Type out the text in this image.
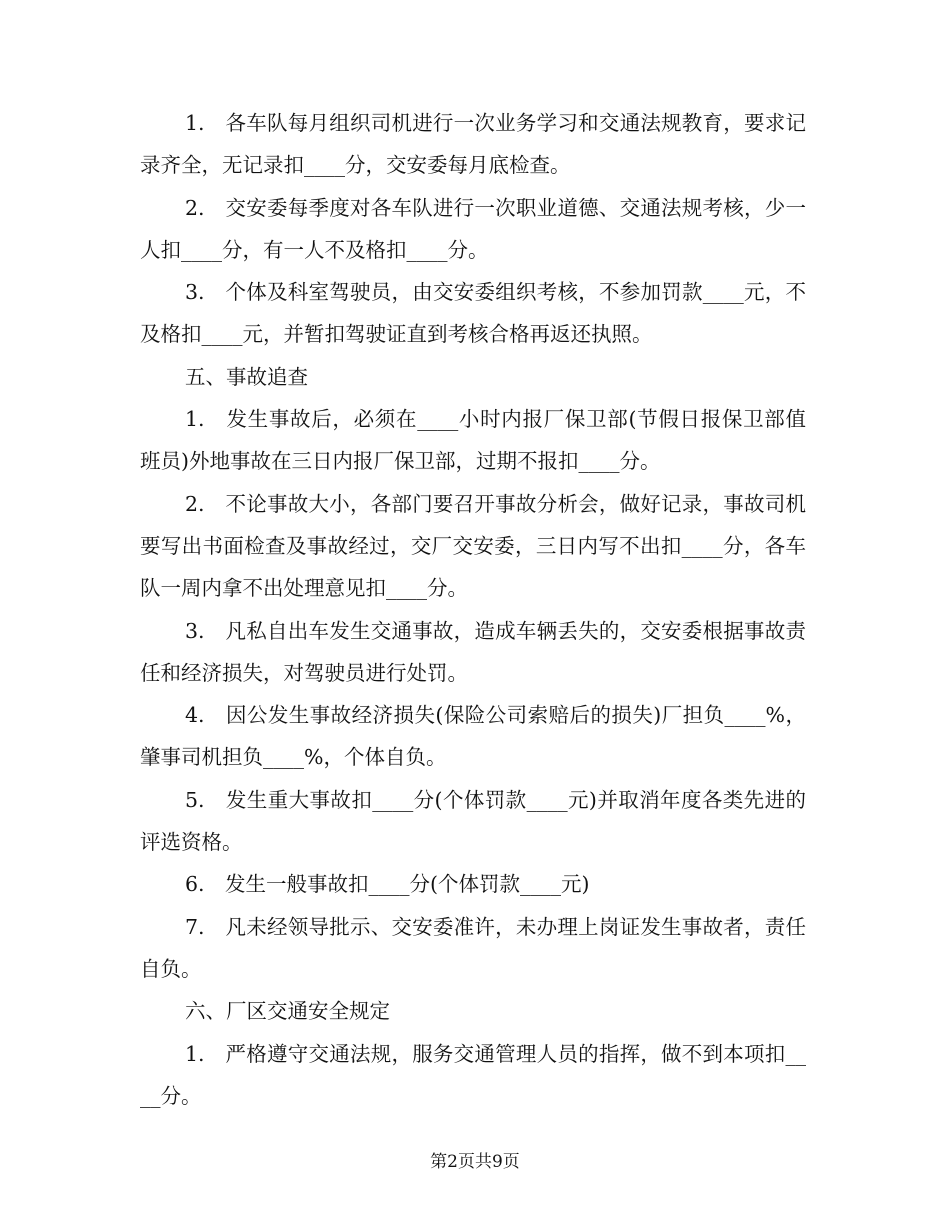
1.　各车队每月组织司机进行一次业务学习和交通法规教育，要求记录齐全，无记录扣____分，交安委每月底检查。

2.　交安委每季度对各车队进行一次职业道德、交通法规考核，少一人扣____分，有一人不及格扣____分。

3.　个体及科室驾驶员，由交安委组织考核，不参加罚款____元，不及格扣____元，并暂扣驾驶证直到考核合格再返还执照。

五、事故追查

1.　发生事故后，必须在____小时内报厂保卫部(节假日报保卫部值班员)外地事故在三日内报厂保卫部，过期不报扣____分。

2.　不论事故大小，各部门要召开事故分析会，做好记录，事故司机要写出书面检查及事故经过，交厂交安委，三日内写不出扣____分，各车队一周内拿不出处理意见扣____分。

3.　凡私自出车发生交通事故，造成车辆丢失的，交安委根据事故责任和经济损失，对驾驶员进行处罚。

4.　因公发生事故经济损失(保险公司索赔后的损失)厂担负____%，肇事司机担负____%，个体自负。

5.　发生重大事故扣____分(个体罚款____元)并取消年度各类先进的评选资格。

6.　发生一般事故扣____分(个体罚款____元)

7.　凡未经领导批示、交安委准许，未办理上岗证发生事故者，责任自负。

六、厂区交通安全规定

1.　严格遵守交通法规，服务交通管理人员的指挥，做不到本项扣____分。

第2页共9页
